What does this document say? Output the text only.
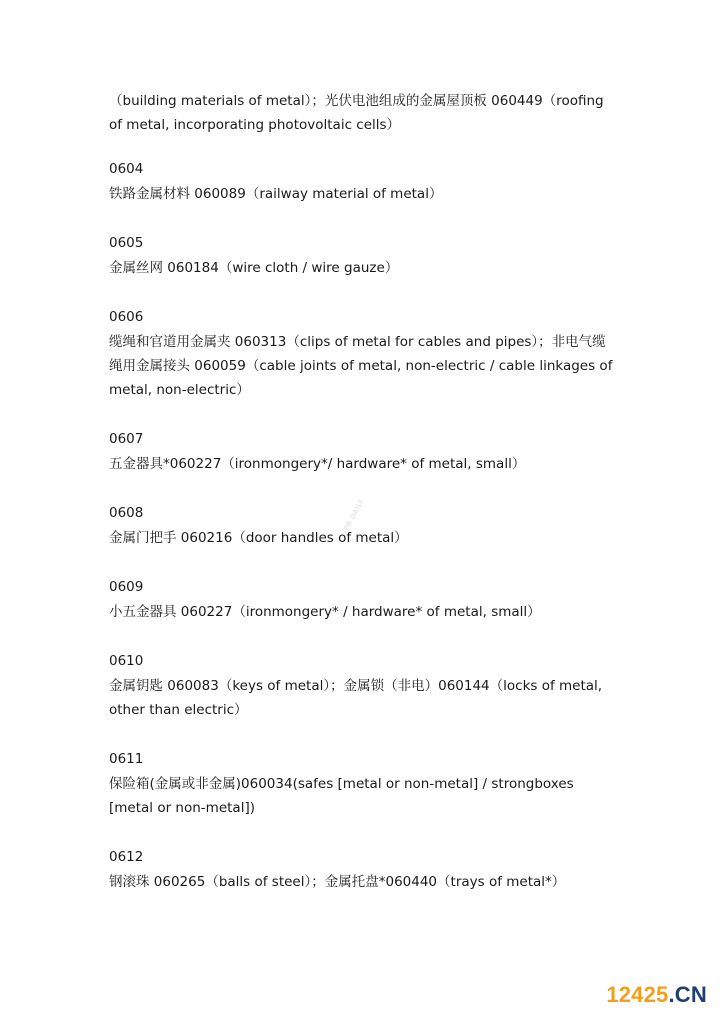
（building materials of metal）；光伏电池组成的金属屋顶板 060449（roofing of metal, incorporating photovoltaic cells）

0604
铁路金属材料 060089（railway material of metal）
0605
金属丝网 060184（wire cloth / wire gauze）
0606
缆绳和官道用金属夹 060313（clips of metal for cables and pipes）；非电气缆绳用金属接头 060059（cable joints of metal, non-electric / cable linkages of metal, non-electric）
0607
五金器具*060227（ironmongery*/ hardware* of metal, small）
0608
金属门把手 060216（door handles of metal）
0609
小五金器具 060227（ironmongery* / hardware* of metal, small）
0610
金属钥匙 060083（keys of metal）；金属锁（非电）060144（locks of metal, other than electric）
0611
保险箱(金属或非金属)060034(safes [metal or non-metal] / strongboxes [metal or non-metal])
0612
钢滚珠 060265（balls of steel）；金属托盘*060440（trays of metal*）
IPR DAILY
12425.CN
